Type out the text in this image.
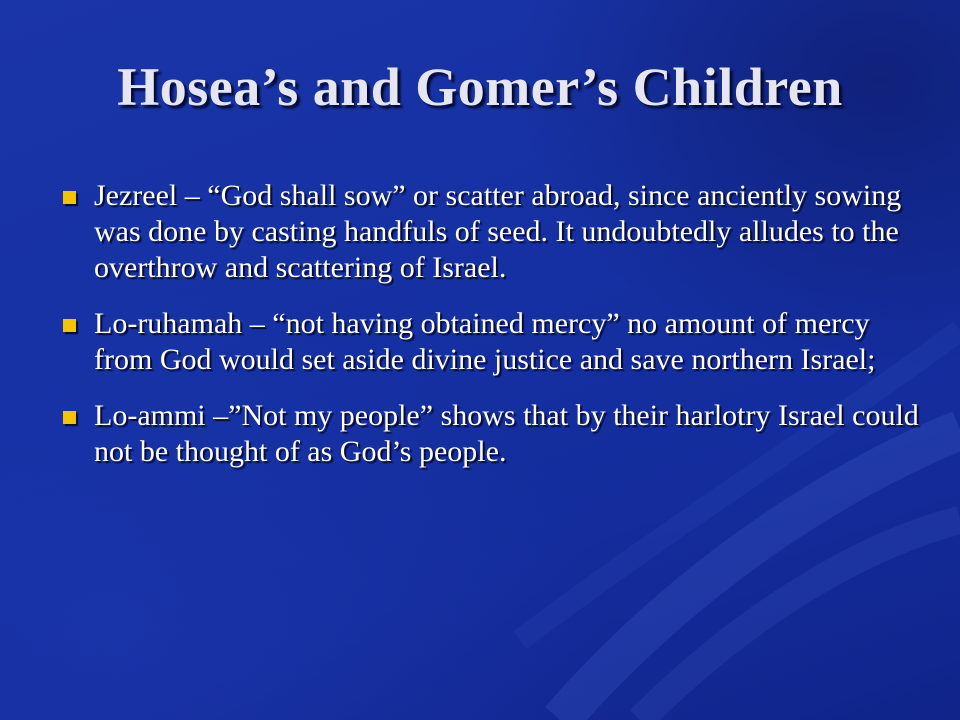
Hosea’s and Gomer’s Children
Jezreel – “God shall sow” or scatter abroad, since anciently sowing was done by casting handfuls of seed. It undoubtedly alludes to the overthrow and scattering of Israel.
Lo-ruhamah – “not having obtained mercy” no amount of mercy from God would set aside divine justice and save northern Israel;
Lo-ammi –”Not my people” shows that by their harlotry Israel could not be thought of as God’s people.
